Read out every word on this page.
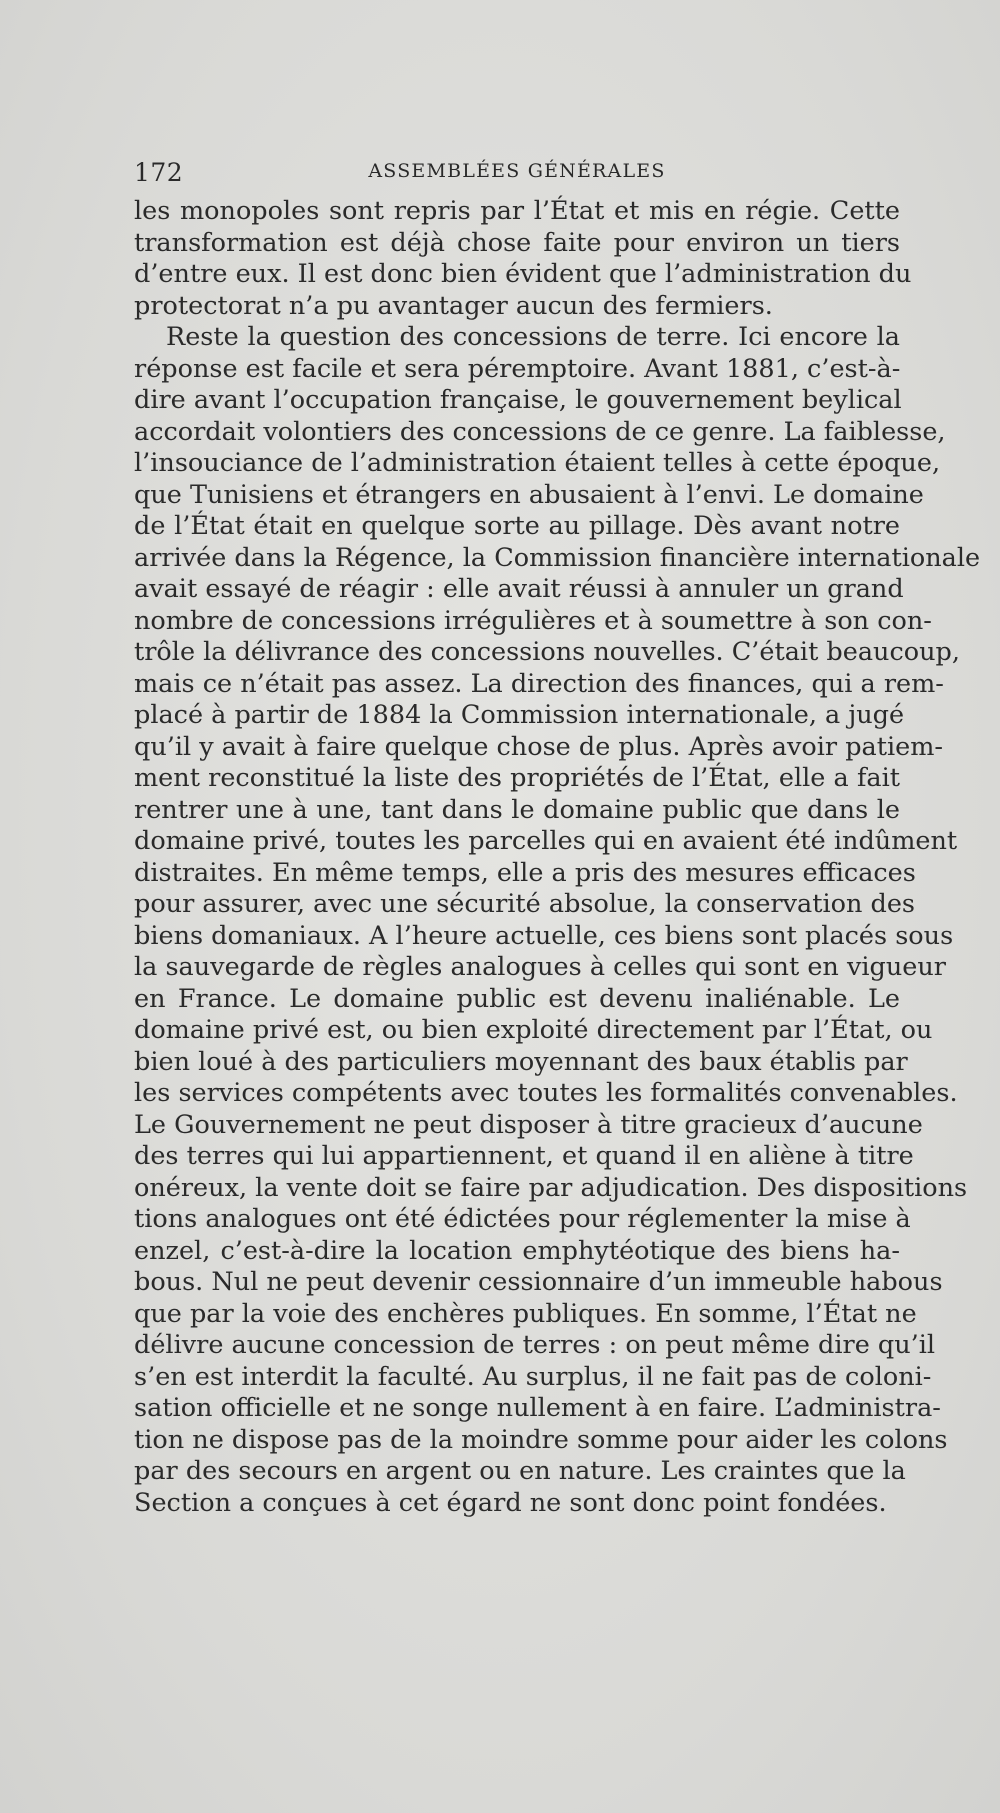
172	ASSEMBLÉES GÉNÉRALES
les monopoles sont repris par l’État et mis en régie. Cette
transformation est déjà chose faite pour environ un tiers
d’entre eux. Il est donc bien évident que l’administration du
protectorat n’a pu avantager aucun des fermiers.
Reste la question des concessions de terre. Ici encore la
réponse est facile et sera péremptoire. Avant 1881, c’est-à-
dire avant l’occupation française, le gouvernement beylical
accordait volontiers des concessions de ce genre. La faiblesse,
l’insouciance de l’administration étaient telles à cette époque,
que Tunisiens et étrangers en abusaient à l’envi. Le domaine
de l’État était en quelque sorte au pillage. Dès avant notre
arrivée dans la Régence, la Commission financière internationale
avait essayé de réagir : elle avait réussi à annuler un grand
nombre de concessions irrégulières et à soumettre à son con-
trôle la délivrance des concessions nouvelles. C’était beaucoup,
mais ce n’était pas assez. La direction des finances, qui a rem-
placé à partir de 1884 la Commission internationale, a jugé
qu’il y avait à faire quelque chose de plus. Après avoir patiem-
ment reconstitué la liste des propriétés de l’État, elle a fait
rentrer une à une, tant dans le domaine public que dans le
domaine privé, toutes les parcelles qui en avaient été indûment
distraites. En même temps, elle a pris des mesures efficaces
pour assurer, avec une sécurité absolue, la conservation des
biens domaniaux. A l’heure actuelle, ces biens sont placés sous
la sauvegarde de règles analogues à celles qui sont en vigueur
en France. Le domaine public est devenu inaliénable. Le
domaine privé est, ou bien exploité directement par l’État, ou
bien loué à des particuliers moyennant des baux établis par
les services compétents avec toutes les formalités convenables.
Le Gouvernement ne peut disposer à titre gracieux d’aucune
des terres qui lui appartiennent, et quand il en aliène à titre
onéreux, la vente doit se faire par adjudication. Des dispositions
tions analogues ont été édictées pour réglementer la mise à
enzel, c’est-à-dire la location emphytéotique des biens ha-
bous. Nul ne peut devenir cessionnaire d’un immeuble habous
que par la voie des enchères publiques. En somme, l’État ne
délivre aucune concession de terres : on peut même dire qu’il
s’en est interdit la faculté. Au surplus, il ne fait pas de coloni-
sation officielle et ne songe nullement à en faire. L’administra-
tion ne dispose pas de la moindre somme pour aider les colons
par des secours en argent ou en nature. Les craintes que la
Section a conçues à cet égard ne sont donc point fondées.
